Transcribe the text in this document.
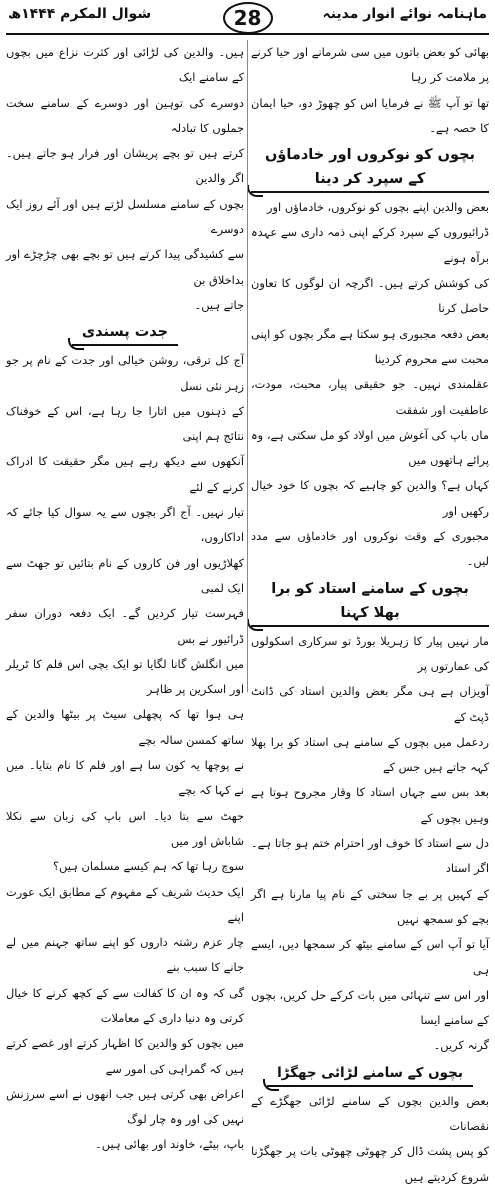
ماہنامہ نوائے انوار مدینہ
28
شوال المکرم ۱۴۴۴ھ

بھائی کو بعض باتوں میں سی شرمانے اور حیا کرنے پر ملامت کر رہا

تھا تو آپ ﷺ نے فرمایا اس کو چھوڑ دو، حیا ایمان کا حصہ ہے۔

بچوں کو نوکروں اور خادماؤں کے سپرد کر دینا

بعض والدین اپنے بچوں کو نوکروں، خادماؤں اور

ڈرائیوروں کے سپرد کرکے اپنی ذمہ داری سے عہدہ برآہ ہونے

کی کوشش کرتے ہیں۔ اگرچہ ان لوگوں کا تعاون حاصل کرنا

بعض دفعہ مجبوری ہو سکتا ہے مگر بچوں کو اپنی محبت سے محروم کردینا

عقلمندی نہیں۔ جو حقیقی پیار، محبت، مودت، عاطفیت اور شفقت

ماں باپ کی آغوش میں اولاد کو مل سکتی ہے، وہ پرائے ہاتھوں میں

کہاں ہے؟ والدین کو چاہیے کہ بچوں کا خود خیال رکھیں اور

مجبوری کے وقت نوکروں اور خادماؤں سے مدد لیں۔

بچوں کے سامنے استاد کو برا بھلا کہنا

مار نہیں پیار کا زہریلا بورڈ تو سرکاری اسکولوں کی عمارتوں پر

آویزاں ہے ہی مگر بعض والدین استاد کی ڈانٹ ڈپٹ کے

ردعمل میں بچوں کے سامنے ہی استاد کو برا بھلا کہہ جاتے ہیں جس کے

بعد بس سے جہاں استاد کا وقار مجروح ہوتا ہے وہیں بچوں کے

دل سے استاد کا خوف اور احترام ختم ہو جاتا ہے۔ اگر استاد

کے کہیں پر بے جا سختی کے نام پیا مارنا ہے اگر بچے کو سمجھ نہیں

آیا تو آپ اس کے سامنے بیٹھ کر سمجھا دیں، ایسے ہی

اور اس سے تنہائی میں بات کرکے حل کریں، بچوں کے سامنے ایسا

گرنہ کریں۔

بچوں کے سامنے لڑائی جھگڑا

بعض والدین بچوں کے سامنے لڑائی جھگڑے کے نقصانات

کو پس پشت ڈال کر چھوٹی چھوٹی بات پر جھگڑنا شروع کردیتے ہیں

ہیں۔ والدین کی لڑائی اور کثرت نزاع میں بچوں کے سامنے ایک

دوسرے کی توہین اور دوسرے کے سامنے سخت جملوں کا تبادلہ

کرتے ہیں تو بچے پریشان اور فرار ہو جاتے ہیں۔ اگر والدین

بچوں کے سامنے مسلسل لڑتے ہیں اور آئے روز ایک دوسرے

سے کشیدگی پیدا کرتے ہیں تو بچے بھی چڑچڑے اور بداخلاق بن

جاتے ہیں۔

جدت پسندی

آج کل ترقی، روشن خیالی اور جدت کے نام پر جو زہر نئی نسل

کے ذہنوں میں اتارا جا رہا ہے، اس کے خوفناک نتائج ہم اپنی

آنکھوں سے دیکھ رہے ہیں مگر حقیقت کا ادراک کرنے کے لئے

تیار نہیں۔ آج اگر بچوں سے یہ سوال کیا جائے کہ اداکاروں،

کھلاڑیوں اور فن کاروں کے نام بتائیں تو جھٹ سے ایک لمبی

فہرست تیار کردیں گے۔ ایک دفعہ دوران سفر ڈرائیور نے بس

میں انگلش گانا لگایا تو ایک بچی اس فلم کا ٹریلر اور اسکرین پر ظاہر

ہی ہوا تھا کہ پچھلی سیٹ پر بیٹھا والدین کے ساتھ کمسن سالہ بچے

نے پوچھا یہ کون سا ہے اور فلم کا نام بتایا۔ میں نے کہا کہ بچے

جھٹ سے بتا دیا۔ اس باپ کی زبان سے نکلا شاباش اور میں

سوچ رہا تھا کہ ہم کیسے مسلمان ہیں؟

ایک حدیث شریف کے مفہوم کے مطابق ایک عورت اپنے

چار عزم رشتہ داروں کو اپنے ساتھ جہنم میں لے جانے کا سبب بنے

گی کہ وہ ان کا کفالت سے کے کچھ کرنے کا خیال کرتی وہ دنیا داری کے معاملات

میں بچوں کو والدین کا اظہار کرتے اور غصے کرتے ہیں کہ گمراہی کی امور سے

اعراض بھی کرتی ہیں جب انھوں نے اسے سرزنش نہیں کی اور وہ چار لوگ

باپ، بیٹے، خاوند اور بھائی ہیں۔
